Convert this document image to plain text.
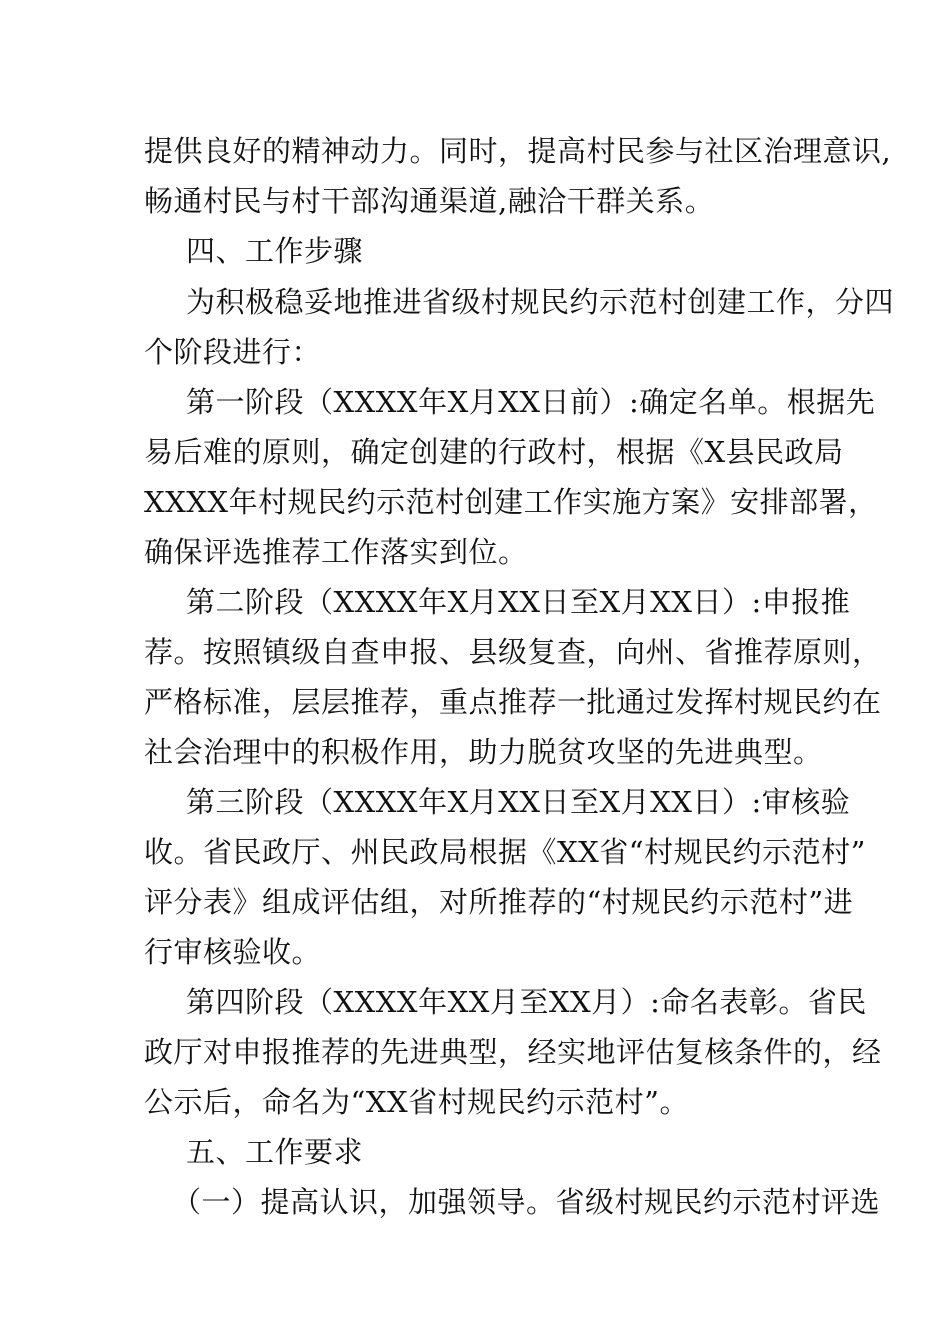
提供良好的精神动力。同时，提高村民参与社区治理意识,
畅通村民与村干部沟通渠道,融洽干群关系。
四、工作步骤
为积极稳妥地推进省级村规民约示范村创建工作，分四
个阶段进行：
第一阶段（XXXX年X月XX日前）:确定名单。根据先
易后难的原则，确定创建的行政村，根据《X县民政局
XXXX年村规民约示范村创建工作实施方案》安排部署，
确保评选推荐工作落实到位。
第二阶段（XXXX年X月XX日至X月XX日）:申报推
荐。按照镇级自查申报、县级复查，向州、省推荐原则，
严格标准，层层推荐，重点推荐一批通过发挥村规民约在
社会治理中的积极作用，助力脱贫攻坚的先进典型。
第三阶段（XXXX年X月XX日至X月XX日）:审核验
收。省民政厅、州民政局根据《XX省“村规民约示范村”
评分表》组成评估组，对所推荐的“村规民约示范村”进
行审核验收。
第四阶段（XXXX年XX月至XX月）:命名表彰。省民
政厅对申报推荐的先进典型，经实地评估复核条件的，经
公示后，命名为“XX省村规民约示范村”。
五、工作要求
（一）提高认识，加强领导。省级村规民约示范村评选
